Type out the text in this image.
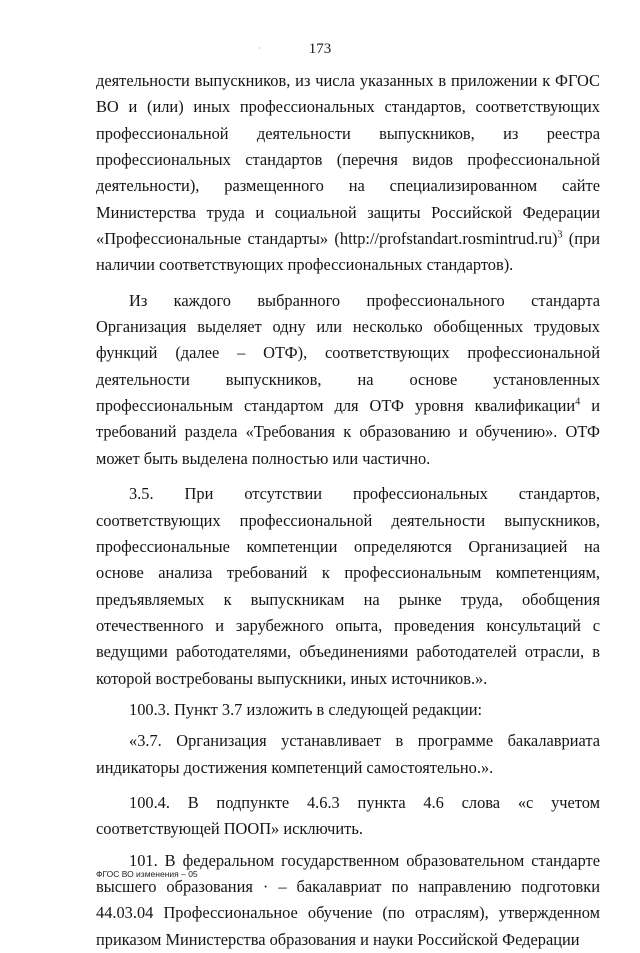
173
·

деятельности выпускников, из числа указанных в приложении к ФГОС ВО и (или) иных профессиональных стандартов, соответствующих профессиональной деятельности выпускников, из реестра профессиональных стандартов (перечня видов профессиональной деятельности), размещенного на специализированном сайте Министерства труда и социальной защиты Российской Федерации «Профессиональные стандарты» (http://profstandart.rosmintrud.ru)$^3$ (при наличии соответствующих профессиональных стандартов).

Из каждого выбранного профессионального стандарта Организация выделяет одну или несколько обобщенных трудовых функций (далее – ОТФ), соответствующих профессиональной деятельности выпускников, на основе установленных профессиональным стандартом для ОТФ уровня квалификации$^4$ и требований раздела «Требования к образованию и обучению». ОТФ может быть выделена полностью или частично.

3.5. При отсутствии профессиональных стандартов, соответствующих профессиональной деятельности выпускников, профессиональные компетенции определяются Организацией на основе анализа требований к профессиональным компетенциям, предъявляемых к выпускникам на рынке труда, обобщения отечественного и зарубежного опыта, проведения консультаций с ведущими работодателями, объединениями работодателей отрасли, в которой востребованы выпускники, иных источников.».

100.3. Пункт 3.7 изложить в следующей редакции:

«3.7. Организация устанавливает в программе бакалавриата индикаторы достижения компетенций самостоятельно.».

100.4. В подпункте 4.6.3 пункта 4.6 слова «с учетом соответствующей ПООП» исключить.

101. В федеральном государственном образовательном стандарте высшего образования · – бакалавриат по направлению подготовки 44.03.04 Профессиональное обучение (по отраслям), утвержденном приказом Министерства образования и науки Российской Федерации

ФГОС ВО изменения – 05
